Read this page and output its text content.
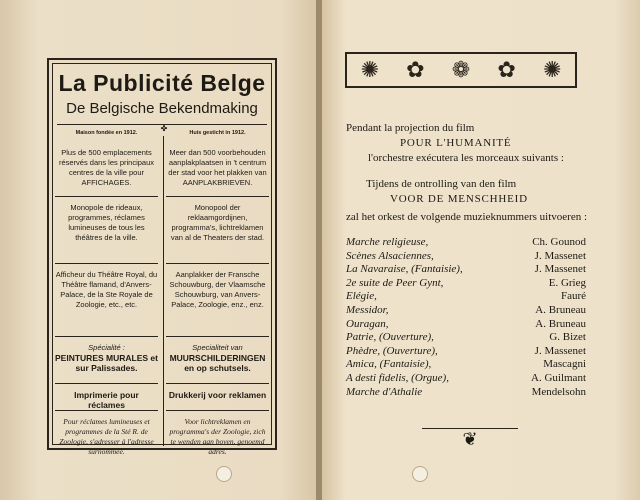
La Publicité Belge
De Belgische Bekendmaking
✤
Maison fondée en 1912.
Plus de 500 emplacements réservés dans les principaux centres de la ville pour AFFICHAGES.
Monopole de rideaux, programmes, réclames lumineuses de tous les théâtres de la ville.
Afficheur du Théâtre Royal, du Théâtre flamand, d'Anvers-Palace, de la Ste Royale de Zoologie, etc., etc.
Spécialité :
PEINTURES MURALES et sur Palissades.
Imprimerie pour réclames
Pour réclames lumineuses et programmes de la Sté R. de Zoologie, s'adresser à l'adresse surnommée.
Huis gesticht in 1912.
Meer dan 500 voorbehouden aanplakplaatsen in 't centrum der stad voor het plakken van AANPLAKBRIEVEN.
Monopool der reklaamgordijnen, programma's, lichtreklamen van al de Theaters der stad.
Aanplakker der Fransche Schouwburg, der Vlaamsche Schouwburg, van Anvers-Palace, Zoologie, enz., enz.
Specialiteit van
MUURSCHILDERINGEN en op schutsels.
Drukkerij voor reklamen
Voor lichtreklamen en programma's der Zoologie, zich te wenden aan boven, genoemd adres.
✺ ✿ ❁ ✿ ✺
Pendant la projection du film
POUR L'HUMANITÉ
l'orchestre exécutera les morceaux suivants :
Tijdens de ontrolling van den film
VOOR DE MENSCHHEID
zal het orkest de volgende muzieknummers uitvoeren :
Marche religieuse,	Ch. Gounod
Scènes Alsaciennes,	J. Massenet
La Navaraise, (Fantaisie),	J. Massenet
2e suite de Peer Gynt,	E. Grieg
Elégie,	Fauré
Messidor,	A. Bruneau
Ouragan,	A. Bruneau
Patrie, (Ouverture),	G. Bizet
Phèdre, (Ouverture),	J. Massenet
Amica, (Fantaisie),	Mascagni
A desti fidelis, (Orgue),	A. Guilmant
Marche d'Athalie	Mendelsohn
❦
